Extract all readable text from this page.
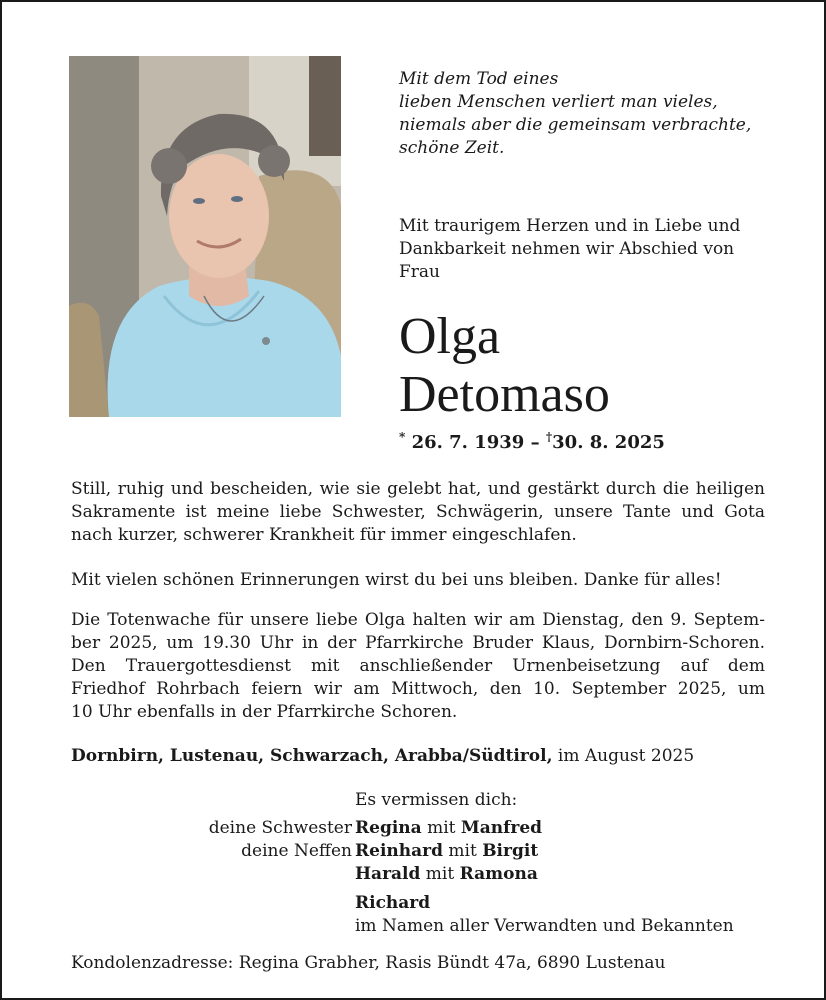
Mit dem Tod eines
lieben Menschen verliert man vieles,
niemals aber die gemeinsam verbrachte,
schöne Zeit.
Mit traurigem Herzen und in Liebe und
Dankbarkeit nehmen wir Abschied von
Frau
Olga
Detomaso
* 26. 7. 1939 – †30. 8. 2025
Still, ruhig und bescheiden, wie sie gelebt hat, und gestärkt durch die heiligen
Sakramente ist meine liebe Schwester, Schwägerin, unsere Tante und Gota
nach kurzer, schwerer Krankheit für immer eingeschlafen.
Mit vielen schönen Erinnerungen wirst du bei uns bleiben. Danke für alles!
Die Totenwache für unsere liebe Olga halten wir am Dienstag, den 9. Septem-
ber 2025, um 19.30 Uhr in der Pfarrkirche Bruder Klaus, Dornbirn-Schoren.
Den Trauergottesdienst mit anschließender Urnenbeisetzung auf dem
Friedhof Rohrbach feiern wir am Mittwoch, den 10. September 2025, um
10 Uhr ebenfalls in der Pfarrkirche Schoren.
Dornbirn, Lustenau, Schwarzach, Arabba/Südtirol, im August 2025
Es vermissen dich:
deine Schwester
deine Neffen
Regina mit Manfred
Reinhard mit Birgit
Harald mit Ramona
Richard
im Namen aller Verwandten und Bekannten
Kondolenzadresse: Regina Grabher, Rasis Bündt 47a, 6890 Lustenau
